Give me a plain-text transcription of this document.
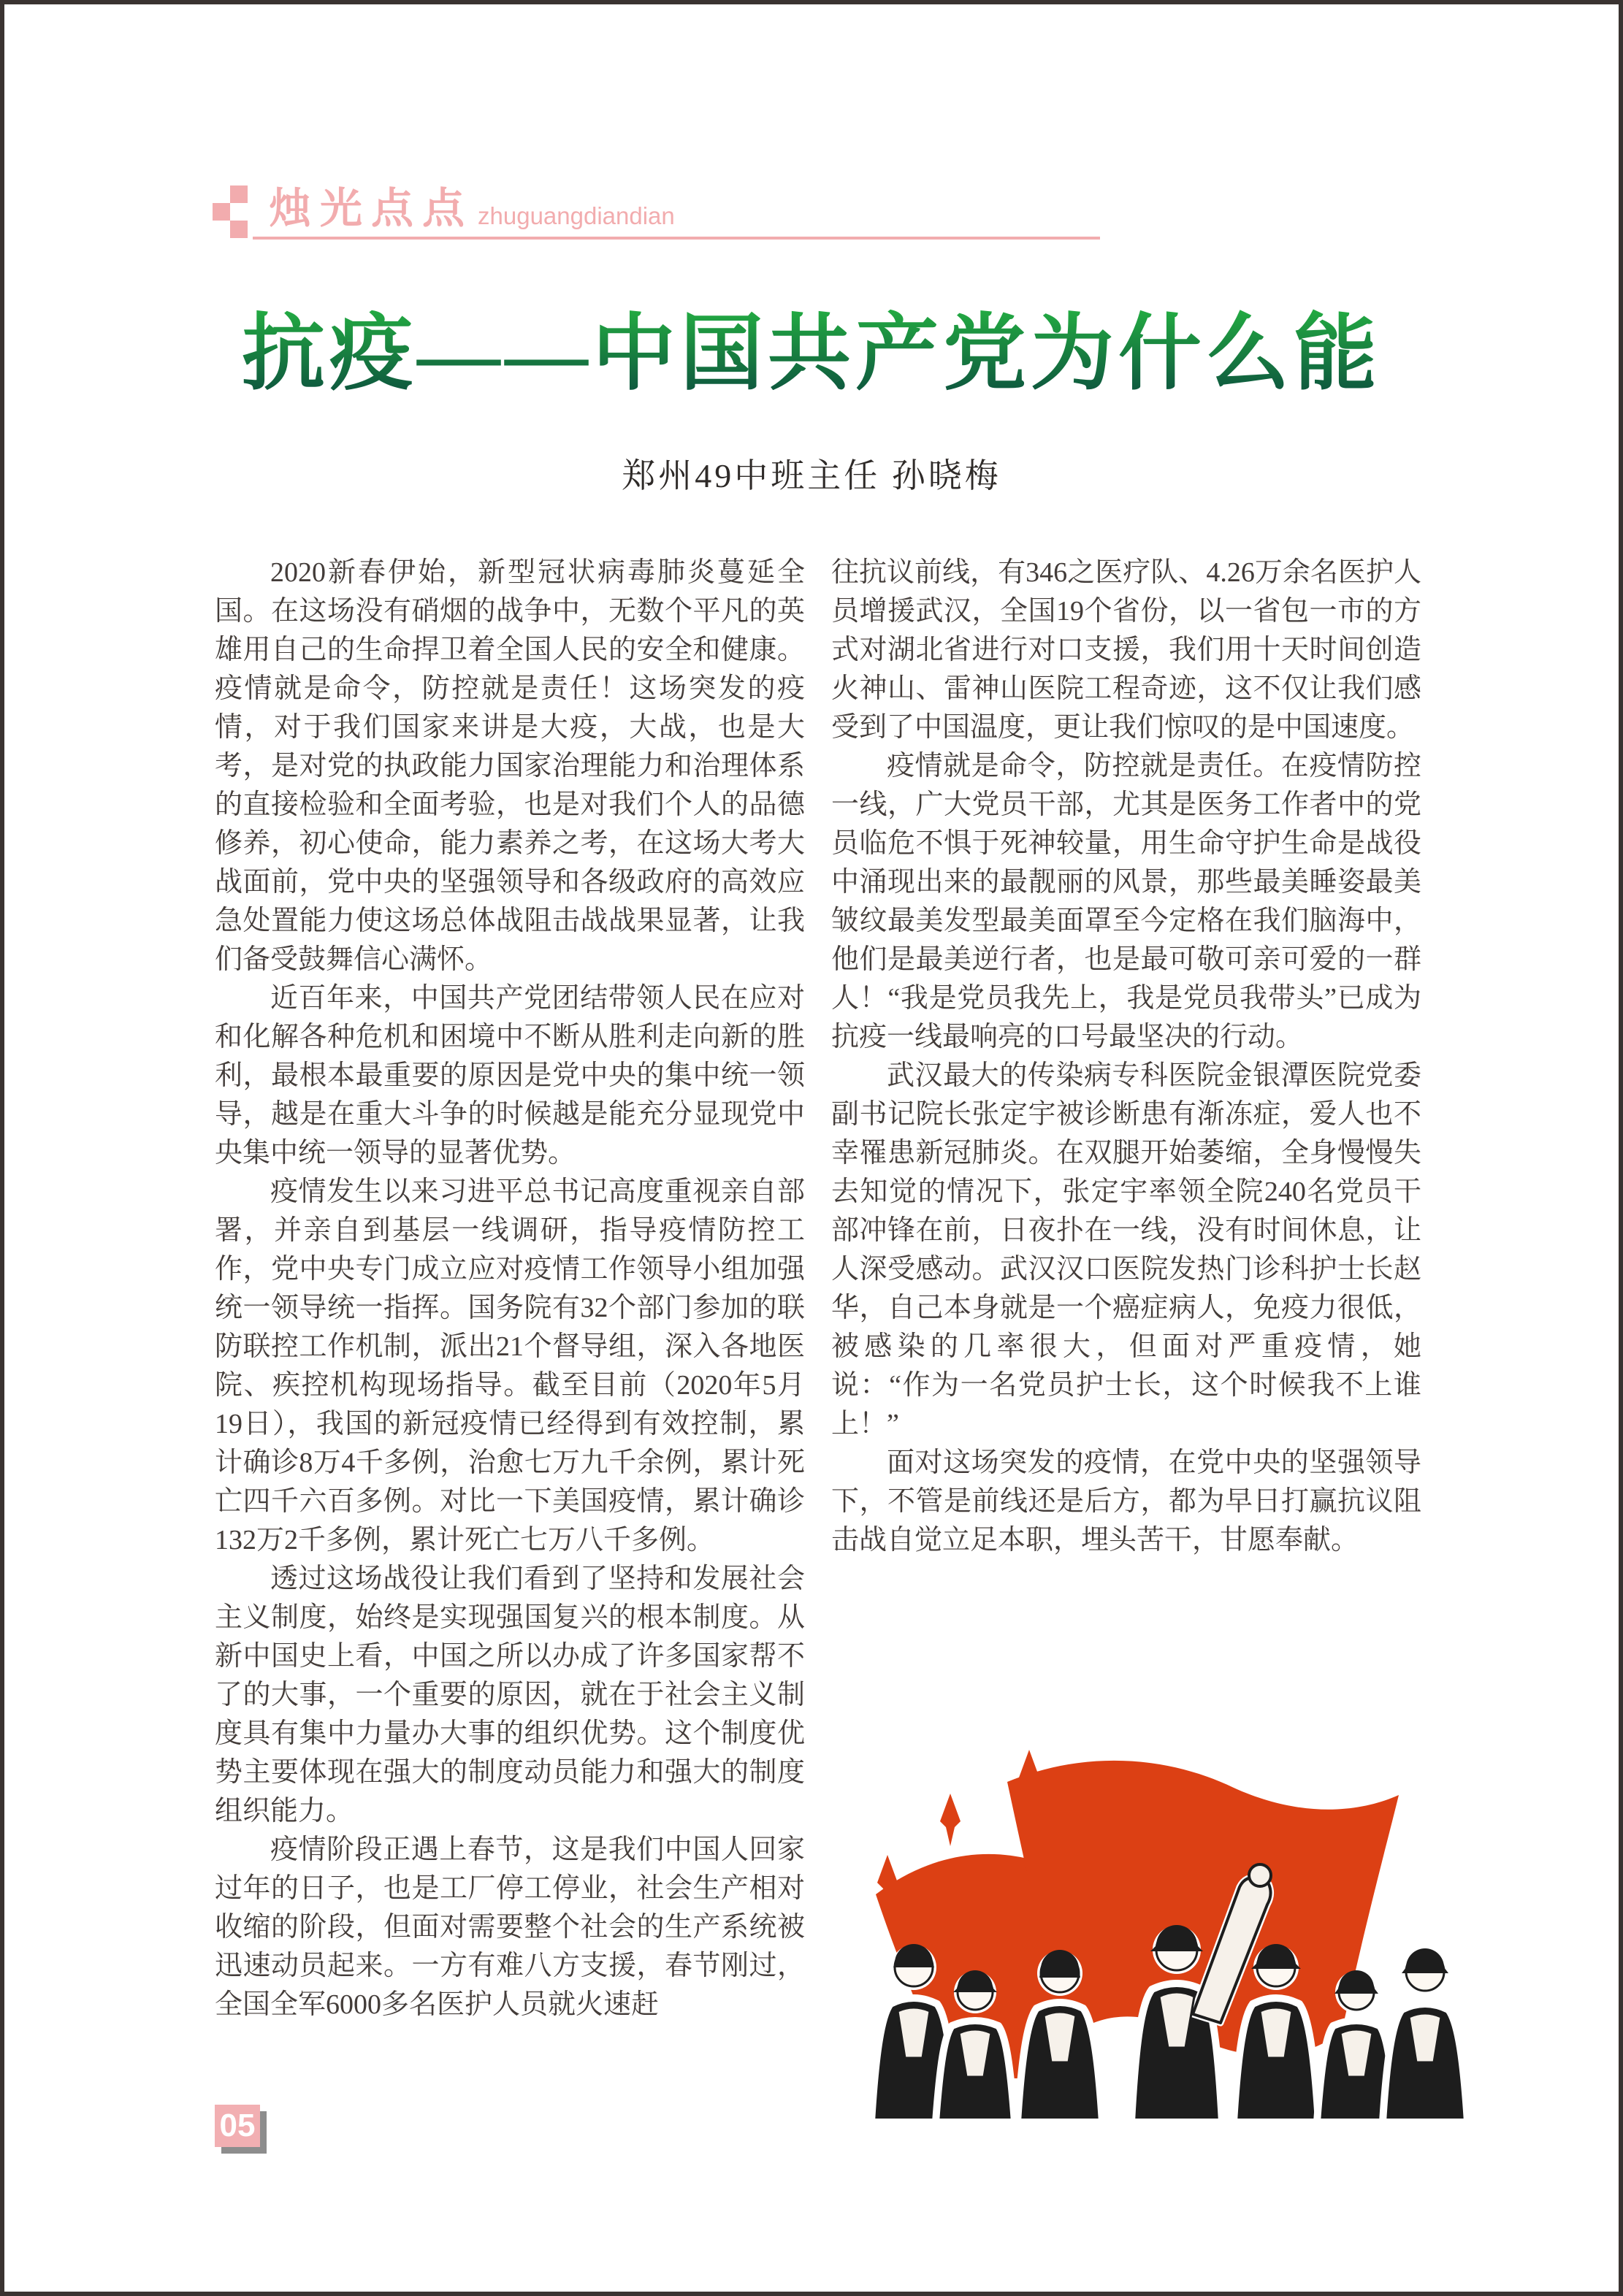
烛光点点 zhuguangdiandian
抗疫——中国共产党为什么能
郑州49中班主任 孙晓梅

2020新春伊始，新型冠状病毒肺炎蔓延全国。在这场没有硝烟的战争中，无数个平凡的英雄用自己的生命捍卫着全国人民的安全和健康。疫情就是命令，防控就是责任！这场突发的疫情，对于我们国家来讲是大疫，大战，也是大考，是对党的执政能力国家治理能力和治理体系的直接检验和全面考验，也是对我们个人的品德修养，初心使命，能力素养之考，在这场大考大战面前，党中央的坚强领导和各级政府的高效应急处置能力使这场总体战阻击战战果显著，让我们备受鼓舞信心满怀。

近百年来，中国共产党团结带领人民在应对和化解各种危机和困境中不断从胜利走向新的胜利，最根本最重要的原因是党中央的集中统一领导，越是在重大斗争的时候越是能充分显现党中央集中统一领导的显著优势。

疫情发生以来习进平总书记高度重视亲自部署，并亲自到基层一线调研，指导疫情防控工作，党中央专门成立应对疫情工作领导小组加强统一领导统一指挥。国务院有32个部门参加的联防联控工作机制，派出21个督导组，深入各地医院、疾控机构现场指导。截至目前（2020年5月19日），我国的新冠疫情已经得到有效控制，累计确诊8万4千多例，治愈七万九千余例，累计死亡四千六百多例。对比一下美国疫情，累计确诊132万2千多例，累计死亡七万八千多例。

透过这场战役让我们看到了坚持和发展社会主义制度，始终是实现强国复兴的根本制度。从新中国史上看，中国之所以办成了许多国家帮不了的大事，一个重要的原因，就在于社会主义制度具有集中力量办大事的组织优势。这个制度优势主要体现在强大的制度动员能力和强大的制度组织能力。

疫情阶段正遇上春节，这是我们中国人回家过年的日子，也是工厂停工停业，社会生产相对收缩的阶段，但面对需要整个社会的生产系统被迅速动员起来。一方有难八方支援，春节刚过，全国全军6000多名医护人员就火速赶

往抗议前线，有346之医疗队、4.26万余名医护人员增援武汉，全国19个省份，以一省包一市的方式对湖北省进行对口支援，我们用十天时间创造火神山、雷神山医院工程奇迹，这不仅让我们感受到了中国温度，更让我们惊叹的是中国速度。

疫情就是命令，防控就是责任。在疫情防控一线，广大党员干部，尤其是医务工作者中的党员临危不惧于死神较量，用生命守护生命是战役中涌现出来的最靓丽的风景，那些最美睡姿最美皱纹最美发型最美面罩至今定格在我们脑海中，他们是最美逆行者，也是最可敬可亲可爱的一群人！“我是党员我先上，我是党员我带头”已成为抗疫一线最响亮的口号最坚决的行动。

武汉最大的传染病专科医院金银潭医院党委副书记院长张定宇被诊断患有渐冻症，爱人也不幸罹患新冠肺炎。在双腿开始萎缩，全身慢慢失去知觉的情况下，张定宇率领全院240名党员干部冲锋在前，日夜扑在一线，没有时间休息，让人深受感动。武汉汉口医院发热门诊科护士长赵华，自己本身就是一个癌症病人，免疫力很低，被感染的几率很大，但面对严重疫情，她说：“作为一名党员护士长，这个时候我不上谁上！”

面对这场突发的疫情，在党中央的坚强领导下，不管是前线还是后方，都为早日打赢抗议阻击战自觉立足本职，埋头苦干，甘愿奉献。

05
